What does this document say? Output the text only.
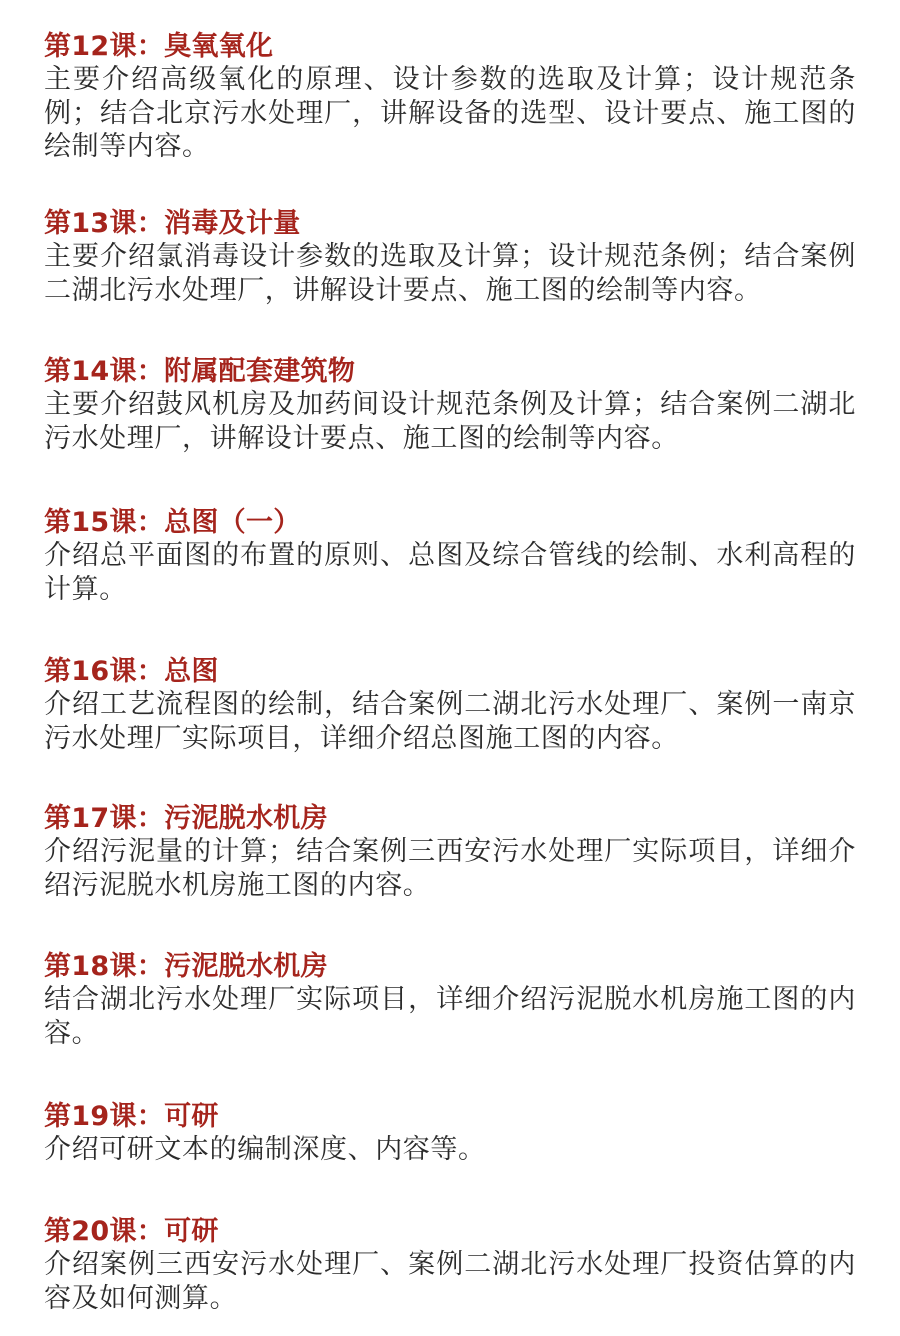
第12课：臭氧氧化
主要介绍高级氧化的原理、设计参数的选取及计算；设计规范条例；结合北京污水处理厂，讲解设备的选型、设计要点、施工图的绘制等内容。
第13课：消毒及计量
主要介绍氯消毒设计参数的选取及计算；设计规范条例；结合案例二湖北污水处理厂，讲解设计要点、施工图的绘制等内容。
第14课：附属配套建筑物
主要介绍鼓风机房及加药间设计规范条例及计算；结合案例二湖北污水处理厂，讲解设计要点、施工图的绘制等内容。
第15课：总图（一）
介绍总平面图的布置的原则、总图及综合管线的绘制、水利高程的计算。
第16课：总图
介绍工艺流程图的绘制，结合案例二湖北污水处理厂、案例一南京污水处理厂实际项目，详细介绍总图施工图的内容。
第17课：污泥脱水机房
介绍污泥量的计算；结合案例三西安污水处理厂实际项目，详细介绍污泥脱水机房施工图的内容。
第18课：污泥脱水机房
结合湖北污水处理厂实际项目，详细介绍污泥脱水机房施工图的内容。
第19课：可研
介绍可研文本的编制深度、内容等。
第20课：可研
介绍案例三西安污水处理厂、案例二湖北污水处理厂投资估算的内容及如何测算。
